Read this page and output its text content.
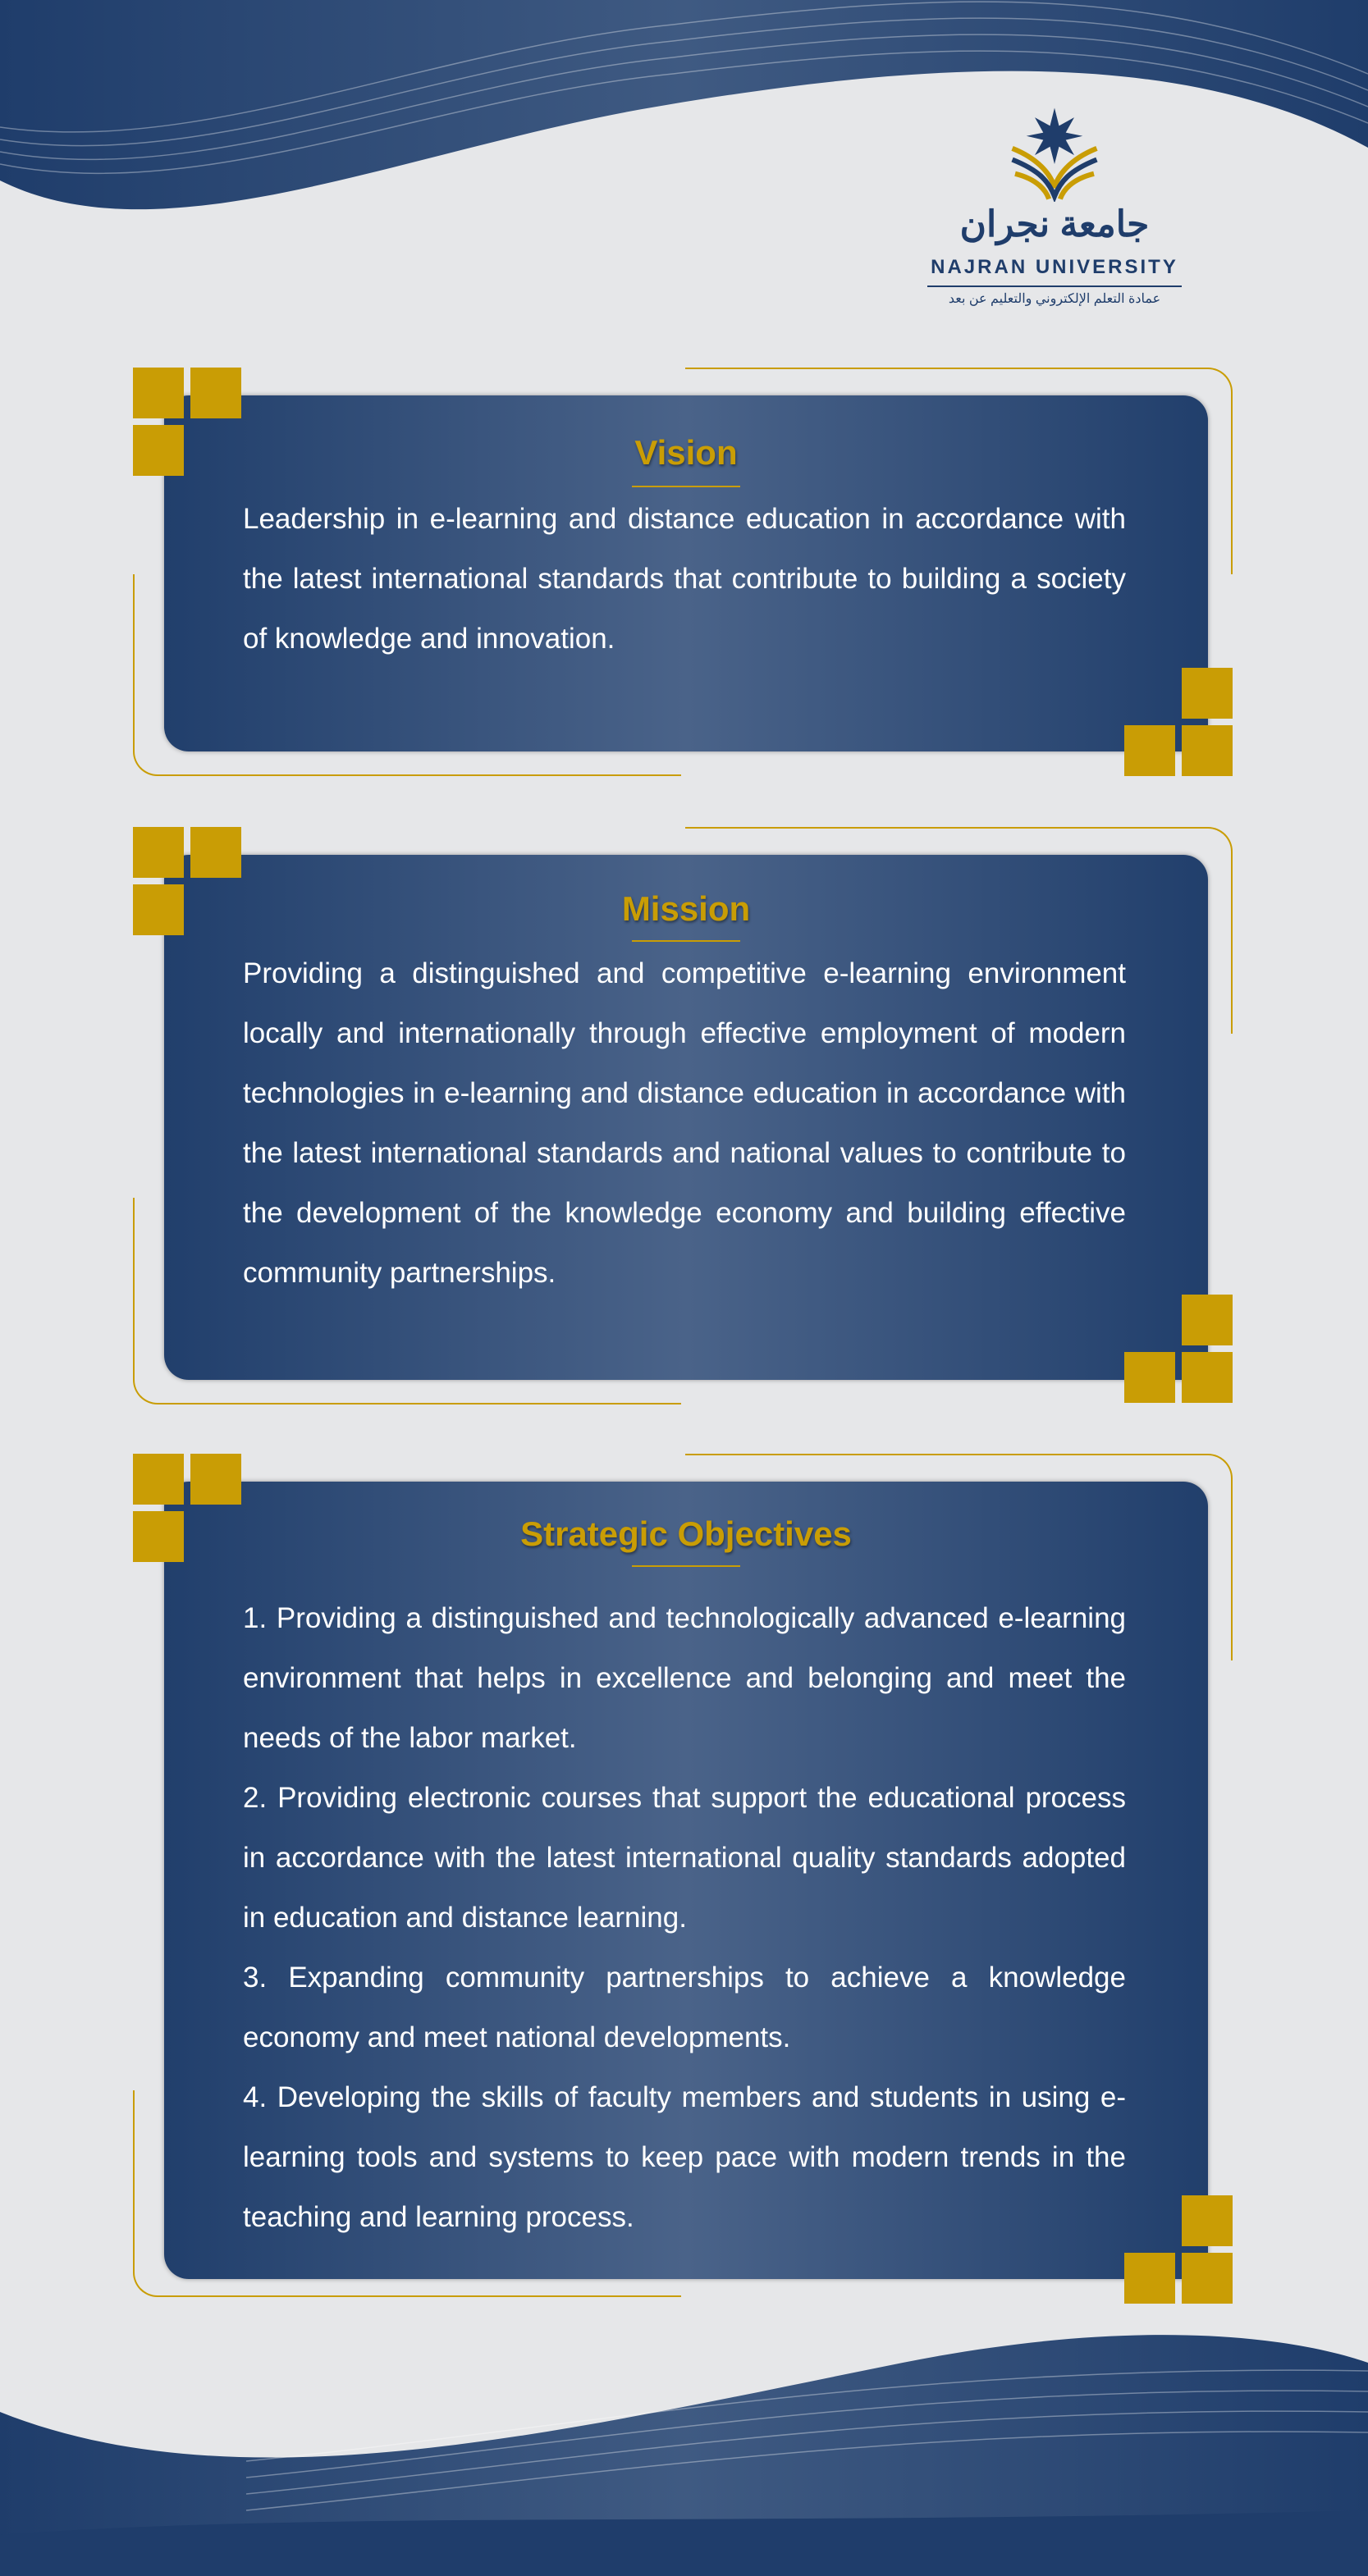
جامعة نجران
NAJRAN UNIVERSITY
عمادة التعلم الإلكتروني والتعليم عن بعد
Vision

Leadership in e-learning and distance education in accordance with the latest international standards that contribute to building a society of knowledge and innovation.

Mission

Providing a distinguished and competitive e-learning environment locally and internationally through effective employment of modern technologies in e-learning and distance education in accordance with the latest international standards and national values to contribute to the development of the knowledge economy and building effective community partnerships.

Strategic Objectives

1. Providing a distinguished and technologically advanced e-learning environment that helps in excellence and belonging and meet the needs of the labor market.

2. Providing electronic courses that support the educational process in accordance with the latest international quality standards adopted in education and distance learning.

3. Expanding community partnerships to achieve a knowledge economy and meet national developments.

4. Developing the skills of faculty members and students in using e-learning tools and systems to keep pace with modern trends in the teaching and learning process.
